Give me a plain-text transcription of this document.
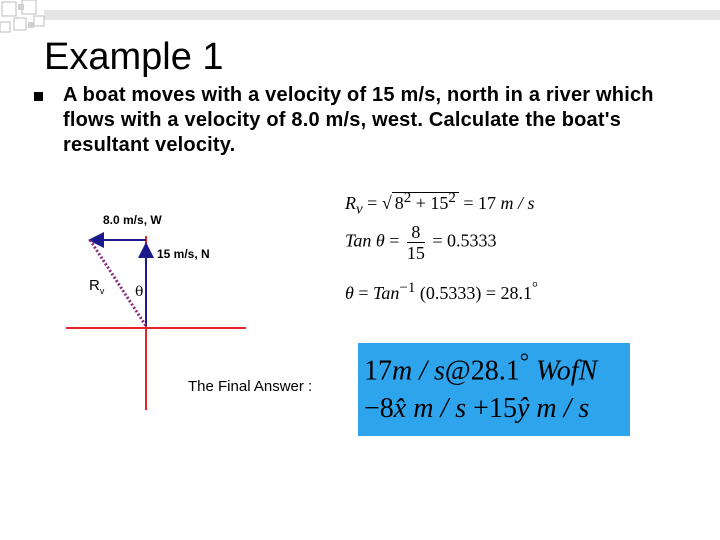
Example 1
A boat moves with a velocity of 15 m/s, north in a river which flows with a velocity of 8.0 m/s, west. Calculate the boat's resultant velocity.
8.0 m/s, W
15 m/s, N
$R_v$ θ
$R_v$ = √ $8^2 + 15^2 = 17$ m / s
Tan $\theta = \frac{8}{15} = 0.5333$
θ = Tan$^{-1}$ (0.5333) = 28.1°
The Final Answer :
17m / s@28.1° WofN
−8x̂ m / s +15ŷ m / s
